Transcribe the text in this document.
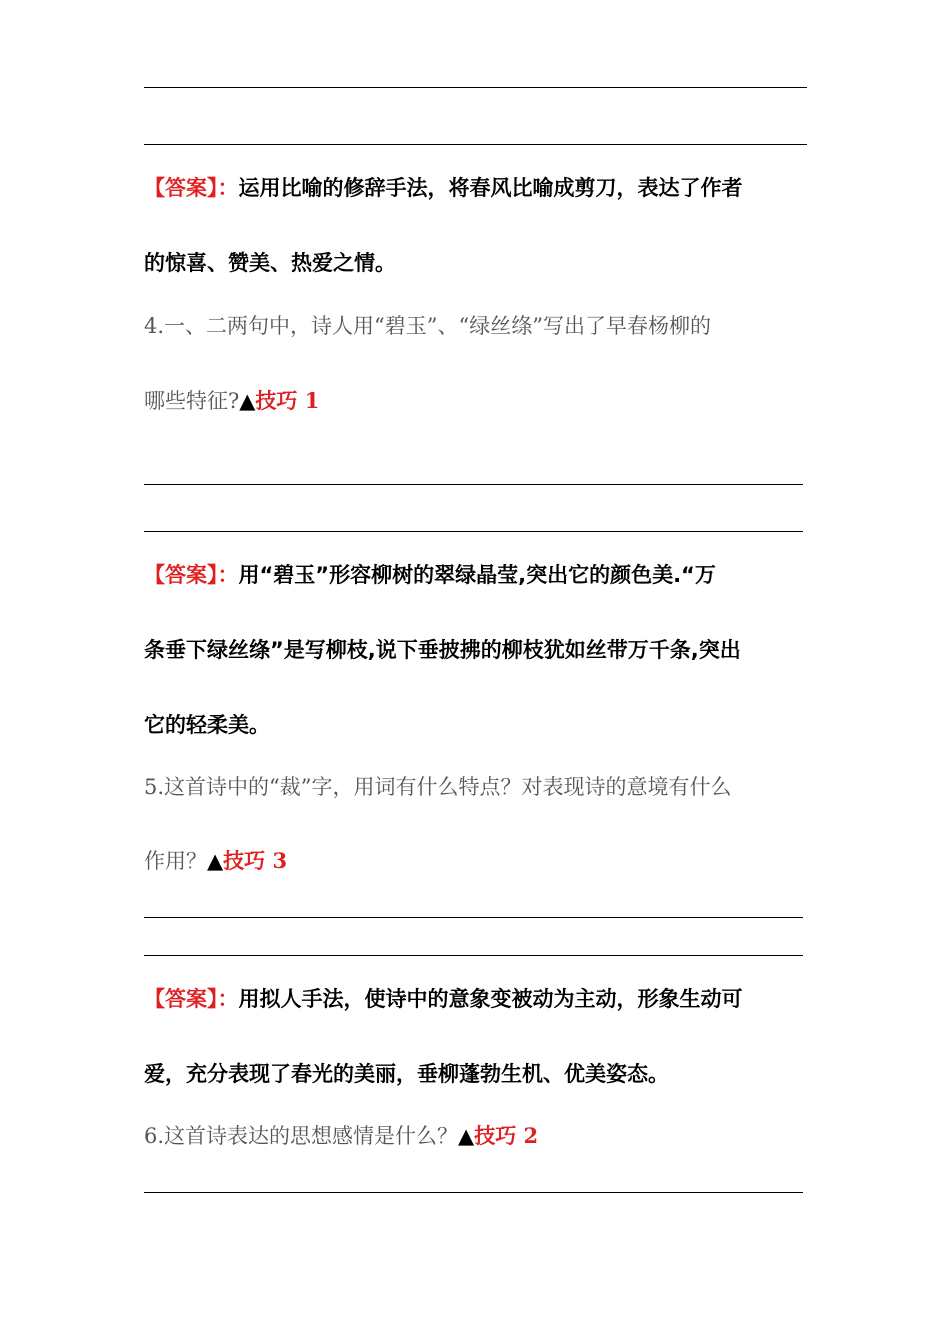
【答案】：运用比喻的修辞手法，将春风比喻成剪刀，表达了作者
的惊喜、赞美、热爱之情。
4.一、二两句中，诗人用“碧玉”、“绿丝绦”写出了早春杨柳的
哪些特征?▲技巧 1
【答案】：用“碧玉”形容柳树的翠绿晶莹,突出它的颜色美.“万
条垂下绿丝绦”是写柳枝,说下垂披拂的柳枝犹如丝带万千条,突出
它的轻柔美。
5.这首诗中的“裁”字，用词有什么特点？对表现诗的意境有什么
作用？▲技巧 3
【答案】：用拟人手法，使诗中的意象变被动为主动，形象生动可
爱，充分表现了春光的美丽，垂柳蓬勃生机、优美姿态。
6.这首诗表达的思想感情是什么？▲技巧 2
